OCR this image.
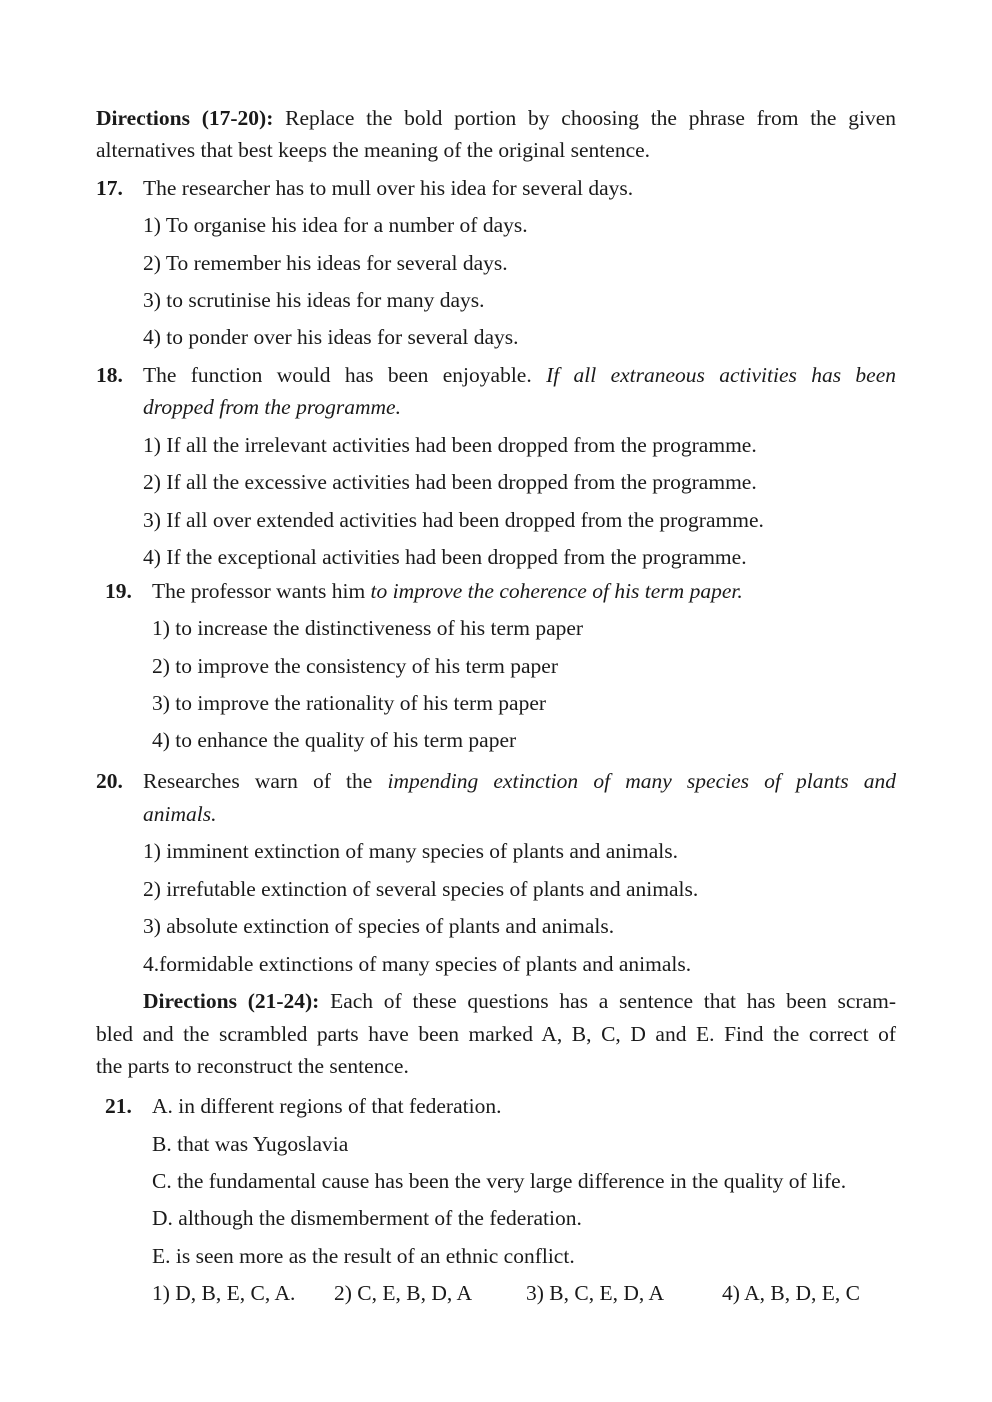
Directions (17-20): Replace the bold portion by choosing the phrase from the given
alternatives that best keeps the meaning of the original sentence.
17. The researcher has to mull over his idea for several days.
1) To organise his idea for a number of days.
2) To remember his ideas for several days.
3) to scrutinise his ideas for many days.
4) to ponder over his ideas for several days.
18. The function would has been enjoyable. If all extraneous activities has been
dropped from the programme.
1) If all the irrelevant activities had been dropped from the programme.
2) If all the excessive activities had been dropped from the programme.
3) If all over extended activities had been dropped from the programme.
4) If the exceptional activities had been dropped from the programme.
19. The professor wants him to improve the coherence of his term paper.
1) to increase the distinctiveness of his term paper
2) to improve the consistency of his term paper
3) to improve the rationality of his term paper
4) to enhance the quality of his term paper
20. Researches warn of the impending extinction of many species of plants and
animals.
1) imminent extinction of many species of plants and animals.
2) irrefutable extinction of several species of plants and animals.
3) absolute extinction of species of plants and animals.
4.formidable extinctions of many species of plants and animals.
Directions (21-24): Each of these questions has a sentence that has been scram-
bled and the scrambled parts have been marked A, B, C, D and E. Find the correct of
the parts to reconstruct the sentence.
21. A. in different regions of that federation.
B. that was Yugoslavia
C. the fundamental cause has been the very large difference in the quality of life.
D. although the dismemberment of the federation.
E. is seen more as the result of an ethnic conflict.
1) D, B, E, C, A. 2) C, E, B, D, A	3) B, C, E, D, A	4) A, B, D, E, C
